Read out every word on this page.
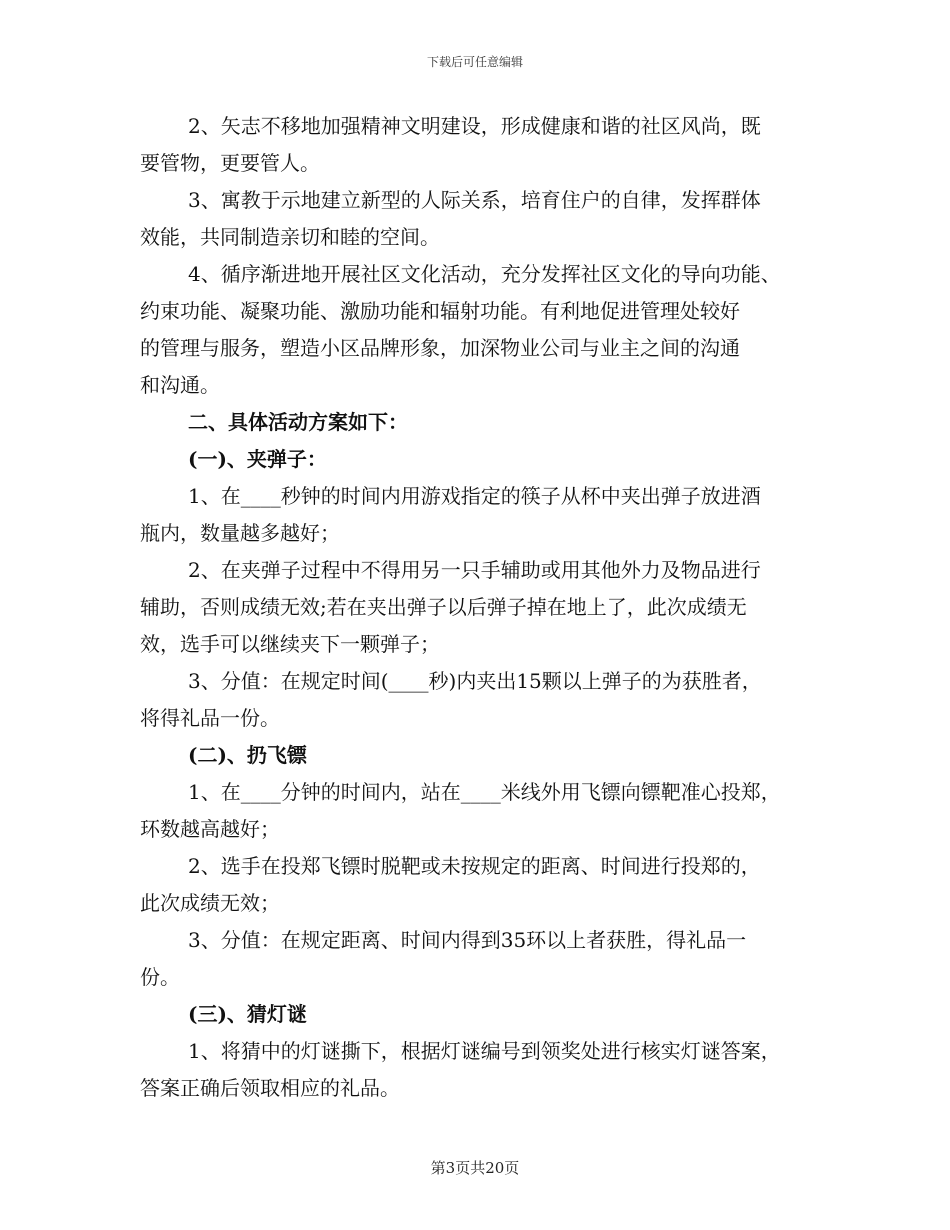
下载后可任意编辑

2、矢志不移地加强精神文明建设，形成健康和谐的社区风尚，既
要管物，更要管人。

3、寓教于示地建立新型的人际关系，培育住户的自律，发挥群体
效能，共同制造亲切和睦的空间。

4、循序渐进地开展社区文化活动，充分发挥社区文化的导向功能、
约束功能、凝聚功能、激励功能和辐射功能。有利地促进管理处较好
的管理与服务，塑造小区品牌形象，加深物业公司与业主之间的沟通
和沟通。

二、具体活动方案如下：

(一)、夹弹子：

1、在____秒钟的时间内用游戏指定的筷子从杯中夹出弹子放进酒
瓶内，数量越多越好；

2、在夹弹子过程中不得用另一只手辅助或用其他外力及物品进行
辅助，否则成绩无效;若在夹出弹子以后弹子掉在地上了，此次成绩无
效，选手可以继续夹下一颗弹子；

3、分值：在规定时间(____秒)内夹出15颗以上弹子的为获胜者，
将得礼品一份。

(二)、扔飞镖

1、在____分钟的时间内，站在____米线外用飞镖向镖靶准心投郑，
环数越高越好；

2、选手在投郑飞镖时脱靶或未按规定的距离、时间进行投郑的，
此次成绩无效；

3、分值：在规定距离、时间内得到35环以上者获胜，得礼品一
份。

(三)、猜灯谜

1、将猜中的灯谜撕下，根据灯谜编号到领奖处进行核实灯谜答案，
答案正确后领取相应的礼品。

第3页共20页
